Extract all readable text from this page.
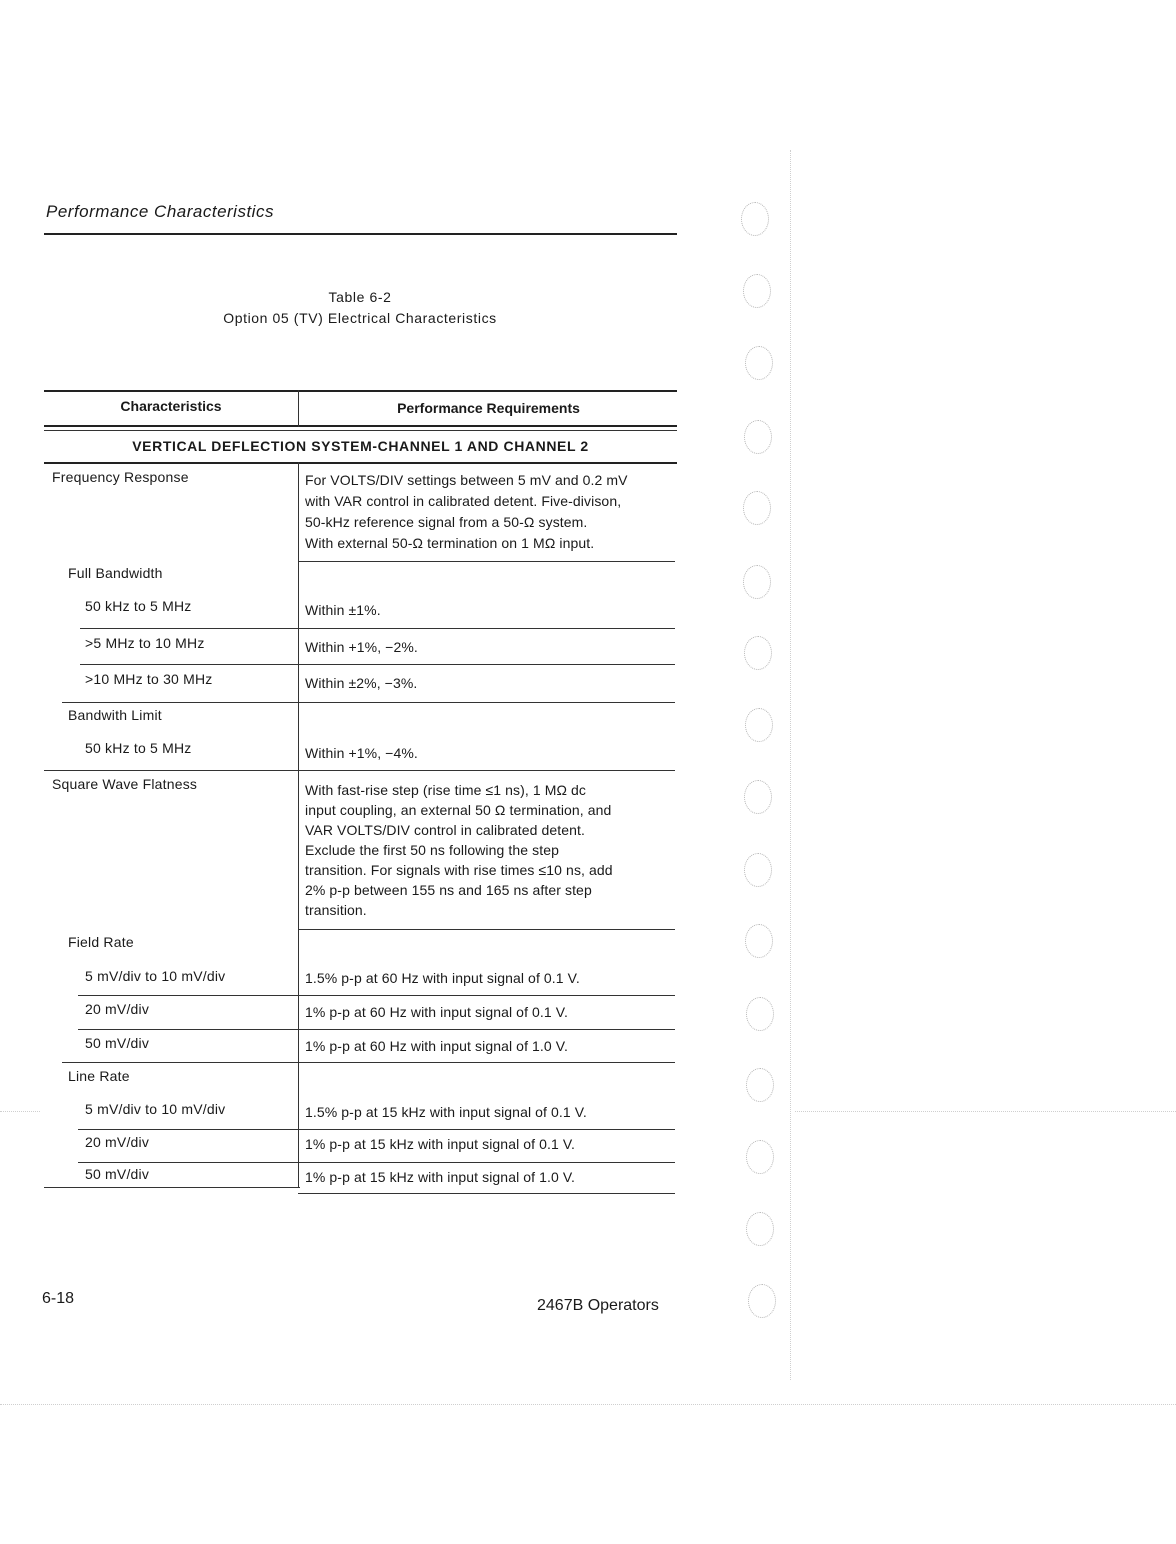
Performance Characteristics
Table 6-2
Option 05 (TV) Electrical Characteristics
Characteristics	Performance Requirements
VERTICAL DEFLECTION SYSTEM-CHANNEL 1 AND CHANNEL 2
Frequency Response	For VOLTS/DIV settings between 5 mV and 0.2 mV
with VAR control in calibrated detent. Five-divison,
50-kHz reference signal from a 50-Ω system.
With external 50-Ω termination on 1 MΩ input.
Full Bandwidth
50 kHz to 5 MHz	Within ±1%.
>5 MHz to 10 MHz	Within +1%, −2%.
>10 MHz to 30 MHz	Within ±2%, −3%.
Bandwith Limit
50 kHz to 5 MHz	Within +1%, −4%.
Square Wave Flatness	With fast-rise step (rise time ≤1 ns), 1 MΩ dc
input coupling, an external 50 Ω termination, and
VAR VOLTS/DIV control in calibrated detent.
Exclude the first 50 ns following the step
transition. For signals with rise times ≤10 ns, add
2% p-p between 155 ns and 165 ns after step
transition.
Field Rate
5 mV/div to 10 mV/div	1.5% p-p at 60 Hz with input signal of 0.1 V.
20 mV/div	1% p-p at 60 Hz with input signal of 0.1 V.
50 mV/div	1% p-p at 60 Hz with input signal of 1.0 V.
Line Rate
5 mV/div to 10 mV/div	1.5% p-p at 15 kHz with input signal of 0.1 V.
20 mV/div	1% p-p at 15 kHz with input signal of 0.1 V.
50 mV/div	1% p-p at 15 kHz with input signal of 1.0 V.
6-18	2467B Operators
